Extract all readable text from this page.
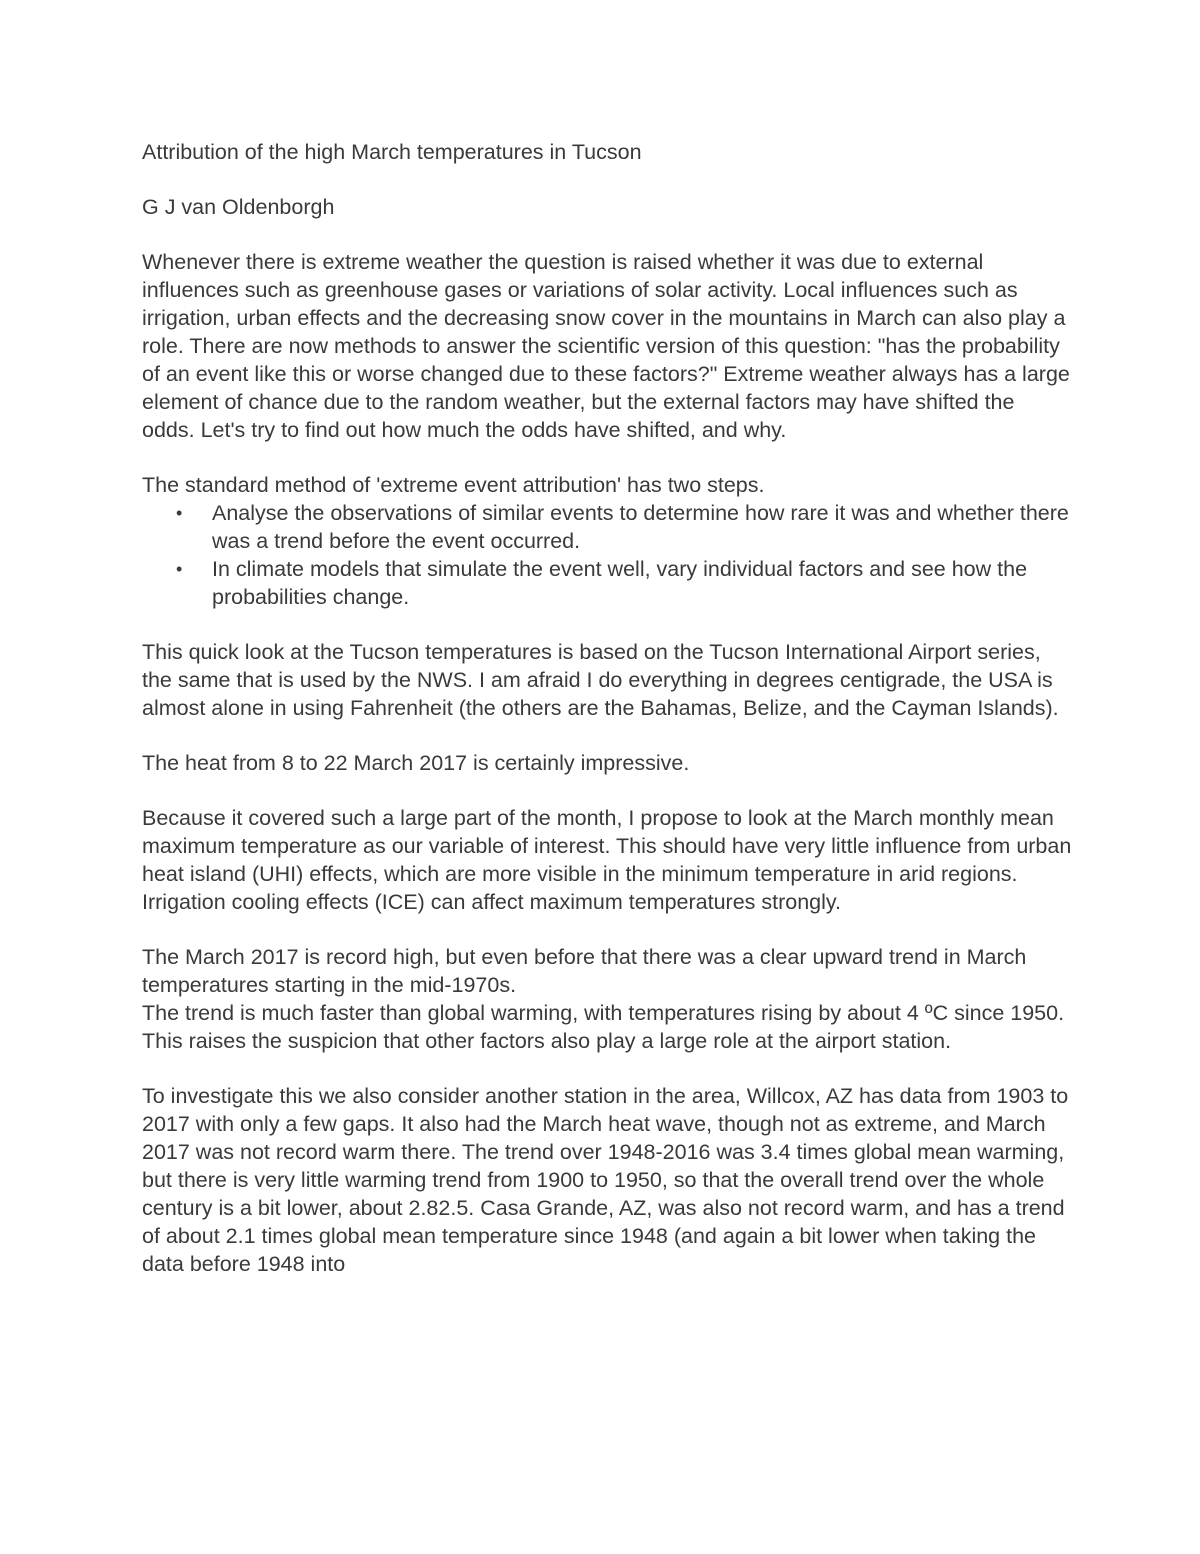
Attribution of the high March temperatures in Tucson

G J van Oldenborgh

Whenever there is extreme weather the question is raised whether it was due to external influences such as greenhouse gases or variations of solar activity. Local influences such as irrigation, urban effects and the decreasing snow cover in the mountains in March can also play a role. There are now methods to answer the scientific version of this question: "has the probability of an event like this or worse changed due to these factors?" Extreme weather always has a large element of chance due to the random weather, but the external factors may have shifted the odds. Let's try to find out how much the odds have shifted, and why.

The standard method of 'extreme event attribution' has two steps.

• Analyse the observations of similar events to determine how rare it was and whether there was a trend before the event occurred.
• In climate models that simulate the event well, vary individual factors and see how the probabilities change.

This quick look at the Tucson temperatures is based on the Tucson International Airport series, the same that is used by the NWS. I am afraid I do everything in degrees centigrade, the USA is almost alone in using Fahrenheit (the others are the Bahamas, Belize, and the Cayman Islands).

The heat from 8 to 22 March 2017 is certainly impressive.

Because it covered such a large part of the month, I propose to look at the March monthly mean maximum temperature as our variable of interest. This should have very little influence from urban heat island (UHI) effects, which are more visible in the minimum temperature in arid regions. Irrigation cooling effects (ICE) can affect maximum temperatures strongly.

The March 2017 is record high, but even before that there was a clear upward trend in March temperatures starting in the mid-1970s.

The trend is much faster than global warming, with temperatures rising by about 4 ºC since 1950. This raises the suspicion that other factors also play a large role at the airport station.

To investigate this we also consider another station in the area, Willcox, AZ has data from 1903 to 2017 with only a few gaps. It also had the March heat wave, though not as extreme, and March 2017 was not record warm there. The trend over 1948-2016 was 3.4 times global mean warming, but there is very little warming trend from 1900 to 1950, so that the overall trend over the whole century is a bit lower, about 2.82.5. Casa Grande, AZ, was also not record warm, and has a trend of about 2.1 times global mean temperature since 1948 (and again a bit lower when taking the data before 1948 into
